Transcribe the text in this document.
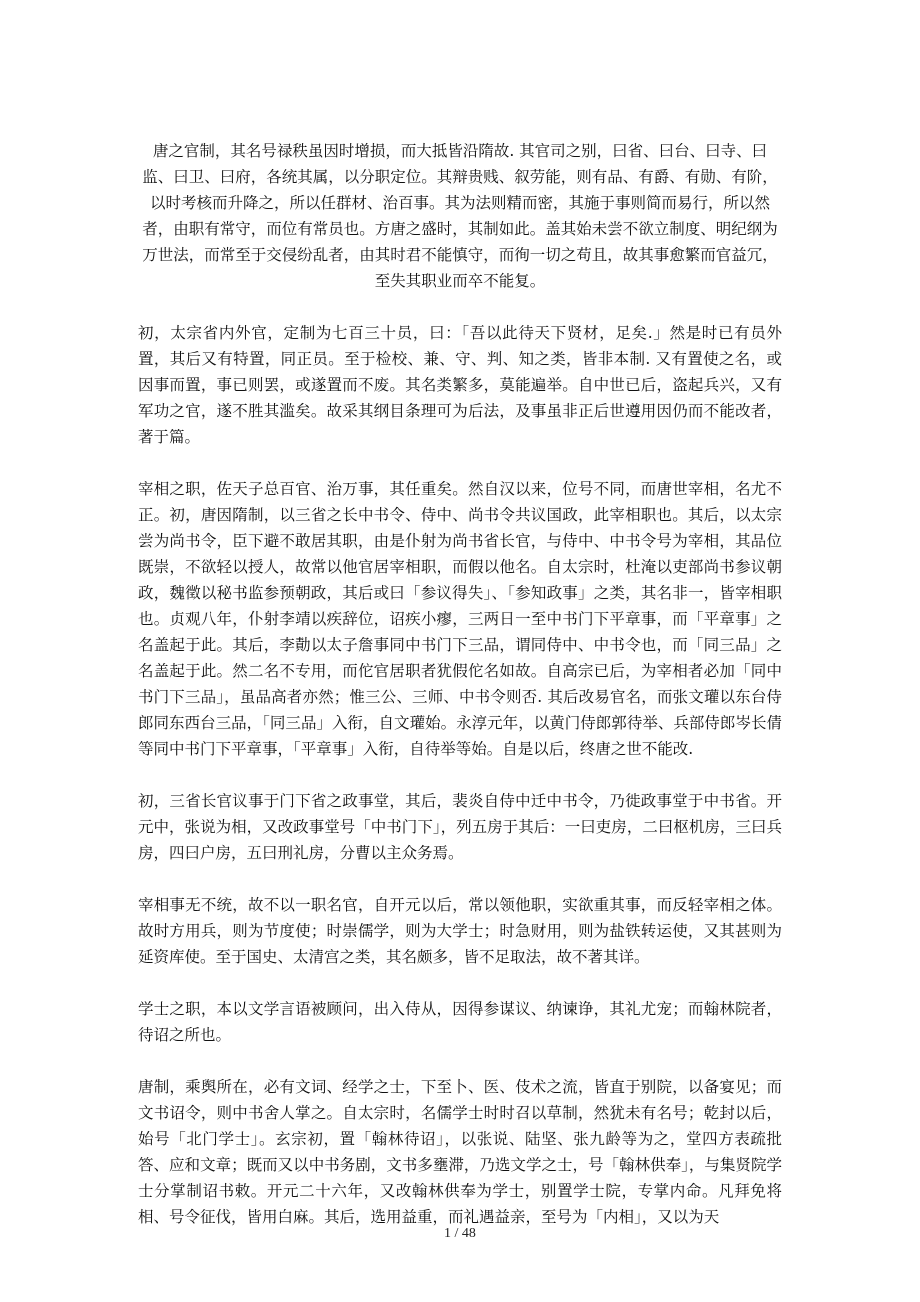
唐之官制，其名号禄秩虽因时增损，而大抵皆沿隋故. 其官司之别，曰省、曰台、曰寺、曰监、曰卫、曰府，各统其属，以分职定位。其辩贵贱、叙劳能，则有品、有爵、有勋、有阶，以时考核而升降之，所以任群材、治百事。其为法则精而密，其施于事则简而易行，所以然者，由职有常守，而位有常员也。方唐之盛时，其制如此。盖其始未尝不欲立制度、明纪纲为万世法，而常至于交侵纷乱者，由其时君不能慎守，而徇一切之苟且，故其事愈繁而官益冗，至失其职业而卒不能复。

初，太宗省内外官，定制为七百三十员，曰：「吾以此待天下贤材，足矣.」然是时已有员外置，其后又有特置，同正员。至于检校、兼、守、判、知之类，皆非本制. 又有置使之名，或因事而置，事已则罢，或遂置而不废。其名类繁多，莫能遍举。自中世已后，盗起兵兴，又有军功之官，遂不胜其滥矣。故采其纲目条理可为后法，及事虽非正后世遵用因仍而不能改者，著于篇。

宰相之职，佐天子总百官、治万事，其任重矣。然自汉以来，位号不同，而唐世宰相，名尤不正。初，唐因隋制，以三省之长中书令、侍中、尚书令共议国政，此宰相职也。其后，以太宗尝为尚书令，臣下避不敢居其职，由是仆射为尚书省长官，与侍中、中书令号为宰相，其品位既崇，不欲轻以授人，故常以他官居宰相职，而假以他名。自太宗时，杜淹以吏部尚书参议朝政，魏徵以秘书监参预朝政，其后或曰「参议得失」、「参知政事」之类，其名非一，皆宰相职也。贞观八年，仆射李靖以疾辞位，诏疾小瘳，三两日一至中书门下平章事，而「平章事」之名盖起于此。其后，李勣以太子詹事同中书门下三品，谓同侍中、中书令也，而「同三品」之名盖起于此。然二名不专用，而佗官居职者犹假佗名如故。自高宗已后，为宰相者必加「同中书门下三品」，虽品高者亦然；惟三公、三师、中书令则否. 其后改易官名，而张文瓘以东台侍郎同东西台三品，「同三品」入衔，自文瓘始。永淳元年，以黄门侍郎郭待举、兵部侍郎岑长倩等同中书门下平章事，「平章事」入衔，自待举等始。自是以后，终唐之世不能改.

初，三省长官议事于门下省之政事堂，其后，裴炎自侍中迁中书令，乃徙政事堂于中书省。开元中，张说为相，又改政事堂号「中书门下」，列五房于其后：一曰吏房，二曰枢机房，三曰兵房，四曰户房，五曰刑礼房，分曹以主众务焉。

宰相事无不统，故不以一职名官，自开元以后，常以领他职，实欲重其事，而反轻宰相之体。故时方用兵，则为节度使；时崇儒学，则为大学士；时急财用，则为盐铁转运使，又其甚则为延资库使。至于国史、太清宫之类，其名颇多，皆不足取法，故不著其详。

学士之职，本以文学言语被顾问，出入侍从，因得参谋议、纳谏诤，其礼尤宠；而翰林院者，待诏之所也。

唐制，乘舆所在，必有文词、经学之士，下至卜、医、伎术之流，皆直于别院，以备宴见；而文书诏令，则中书舍人掌之。自太宗时，名儒学士时时召以草制，然犹未有名号；乾封以后，始号「北门学士」。玄宗初，置「翰林待诏」，以张说、陆坚、张九龄等为之，堂四方表疏批答、应和文章；既而又以中书务剧，文书多壅滞，乃选文学之士，号「翰林供奉」，与集贤院学士分掌制诏书敕。开元二十六年，又改翰林供奉为学士，别置学士院，专掌内命。凡拜免将相、号令征伐，皆用白麻。其后，选用益重，而礼遇益亲，至号为「内相」，又以为天

1 / 48
